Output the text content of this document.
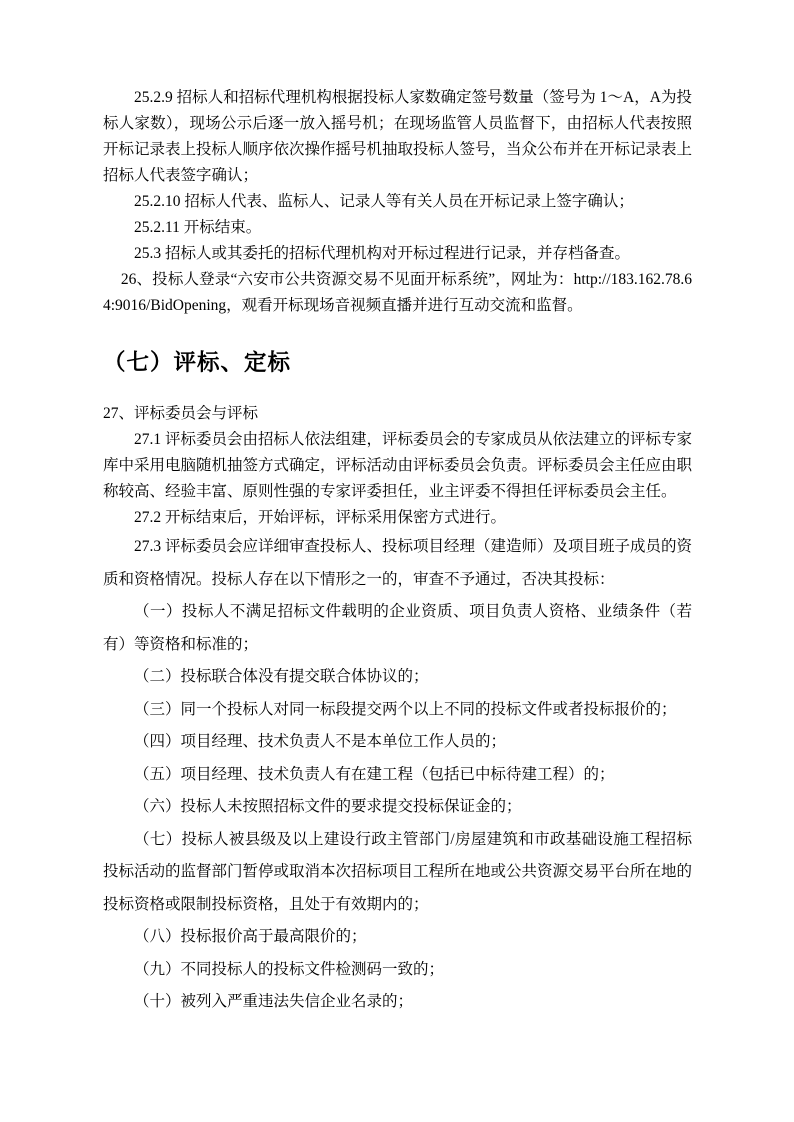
25.2.9 招标人和招标代理机构根据投标人家数确定签号数量（签号为 1～A，A为投标人家数），现场公示后逐一放入摇号机；在现场监管人员监督下，由招标人代表按照开标记录表上投标人顺序依次操作摇号机抽取投标人签号，当众公布并在开标记录表上招标人代表签字确认；

25.2.10 招标人代表、监标人、记录人等有关人员在开标记录上签字确认；

25.2.11 开标结束。

25.3 招标人或其委托的招标代理机构对开标过程进行记录，并存档备查。

26、投标人登录“六安市公共资源交易不见面开标系统”，网址为：http://183.162.78.64:9016/BidOpening，观看开标现场音视频直播并进行互动交流和监督。

（七）评标、定标

27、评标委员会与评标

27.1 评标委员会由招标人依法组建，评标委员会的专家成员从依法建立的评标专家库中采用电脑随机抽签方式确定，评标活动由评标委员会负责。评标委员会主任应由职称较高、经验丰富、原则性强的专家评委担任，业主评委不得担任评标委员会主任。

27.2 开标结束后，开始评标，评标采用保密方式进行。

27.3 评标委员会应详细审查投标人、投标项目经理（建造师）及项目班子成员的资质和资格情况。投标人存在以下情形之一的，审查不予通过，否决其投标：

（一）投标人不满足招标文件载明的企业资质、项目负责人资格、业绩条件（若有）等资格和标准的；

（二）投标联合体没有提交联合体协议的；

（三）同一个投标人对同一标段提交两个以上不同的投标文件或者投标报价的；

（四）项目经理、技术负责人不是本单位工作人员的；

（五）项目经理、技术负责人有在建工程（包括已中标待建工程）的；

（六）投标人未按照招标文件的要求提交投标保证金的；

（七）投标人被县级及以上建设行政主管部门/房屋建筑和市政基础设施工程招标投标活动的监督部门暂停或取消本次招标项目工程所在地或公共资源交易平台所在地的投标资格或限制投标资格，且处于有效期内的；

（八）投标报价高于最高限价的；

（九）不同投标人的投标文件检测码一致的；

（十）被列入严重违法失信企业名录的；
